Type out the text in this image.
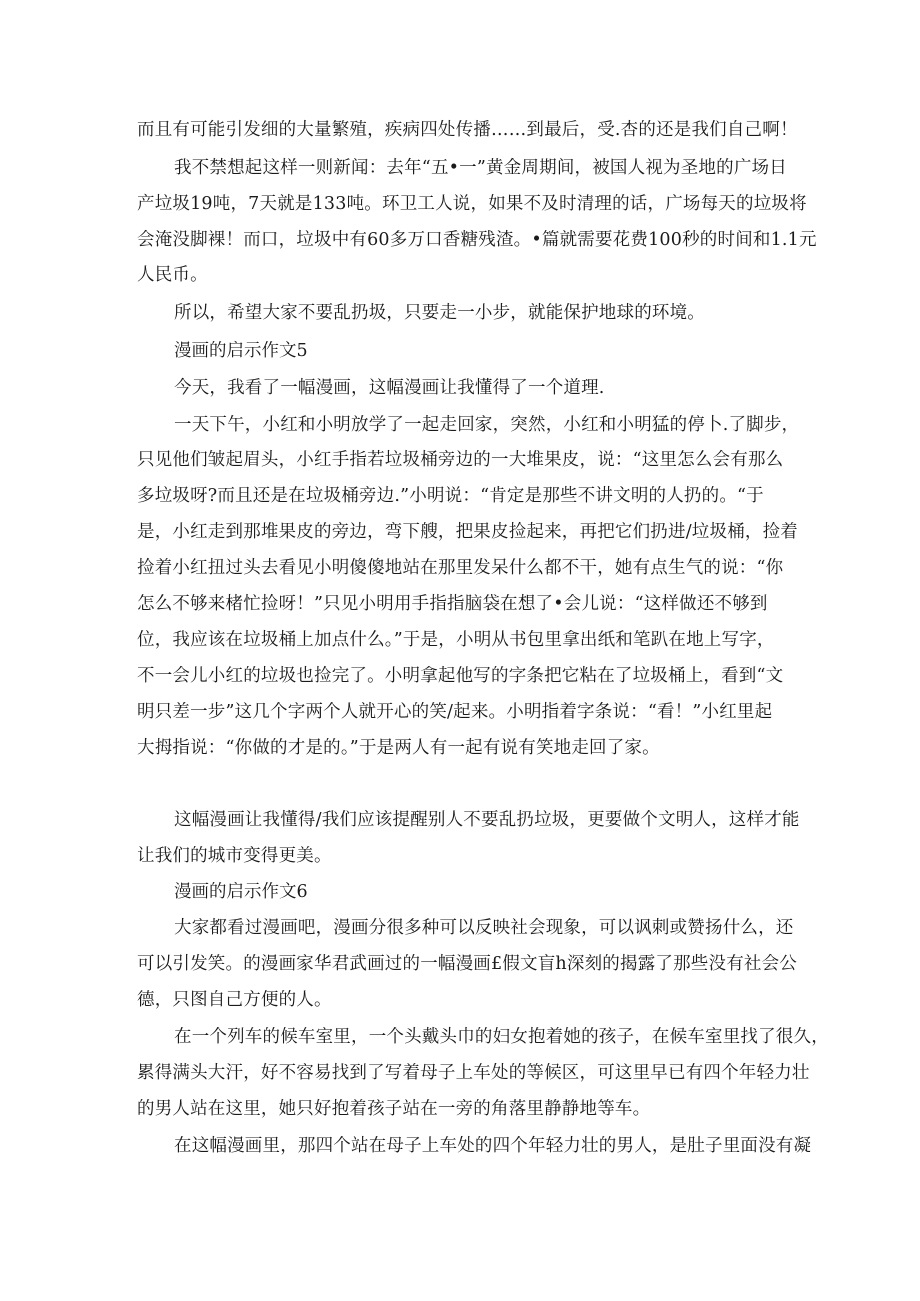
而且有可能引发细的大量繁殖，疾病四处传播……到最后，受.杏的还是我们自己啊！
我不禁想起这样一则新闻：去年“五•一”黄金周期间，被国人视为圣地的广场日
产垃圾19吨，7天就是133吨。环卫工人说，如果不及时清理的话，广场每天的垃圾将
会淹没脚裸！而口，垃圾中有60多万口香糖残渣。•篇就需要花费100秒的时间和1.1元
人民币。
所以，希望大家不要乱扔圾，只要走一小步，就能保护地球的环境。
漫画的启示作文5
今天，我看了一幅漫画，这幅漫画让我懂得了一个道理.
一天下午，小红和小明放学了一起走回家，突然，小红和小明猛的停卜.了脚步，
只见他们皱起眉头，小红手指若垃圾桶旁边的一大堆果皮，说：“这里怎么会有那么
多垃圾呀?而且还是在垃圾桶旁边.”小明说：“肯定是那些不讲文明的人扔的。“于
是，小红走到那堆果皮的旁边，弯下艘，把果皮捡起来，再把它们扔进/垃圾桶，捡着
捡着小红扭过头去看见小明傻傻地站在那里发呆什么都不干，她有点生气的说：“你
怎么不够来楮忙捡呀！”只见小明用手指指脑袋在想了•会儿说：“这样做还不够到
位，我应该在垃圾桶上加点什么。”于是，小明从书包里拿出纸和笔趴在地上写字，
不一会儿小红的垃圾也捡完了。小明拿起他写的字条把它粘在了垃圾桶上，看到“文
明只差一步”这几个字两个人就开心的笑/起来。小明指着字条说：“看！”小红里起
大拇指说：“你做的才是的。”于是两人有一起有说有笑地走回了家。
这幅漫画让我懂得/我们应该提醒别人不要乱扔垃圾，更要做个文明人，这样才能
让我们的城市变得更美。
漫画的启示作文6
大家都看过漫画吧，漫画分很多种可以反映社会现象，可以讽刺或赞扬什么，还
可以引发笑。的漫画家华君武画过的一幅漫画£假文盲h深刻的揭露了那些没有社会公
德，只图自己方便的人。
在一个列车的候车室里，一个头戴头巾的妇女抱着她的孩子，在候车室里找了很久，
累得满头大汗，好不容易找到了写着母子上车处的等候区，可这里早已有四个年轻力壮
的男人站在这里，她只好抱着孩子站在一旁的角落里静静地等车。
在这幅漫画里，那四个站在母子上车处的四个年轻力壮的男人，是肚子里面没有凝
